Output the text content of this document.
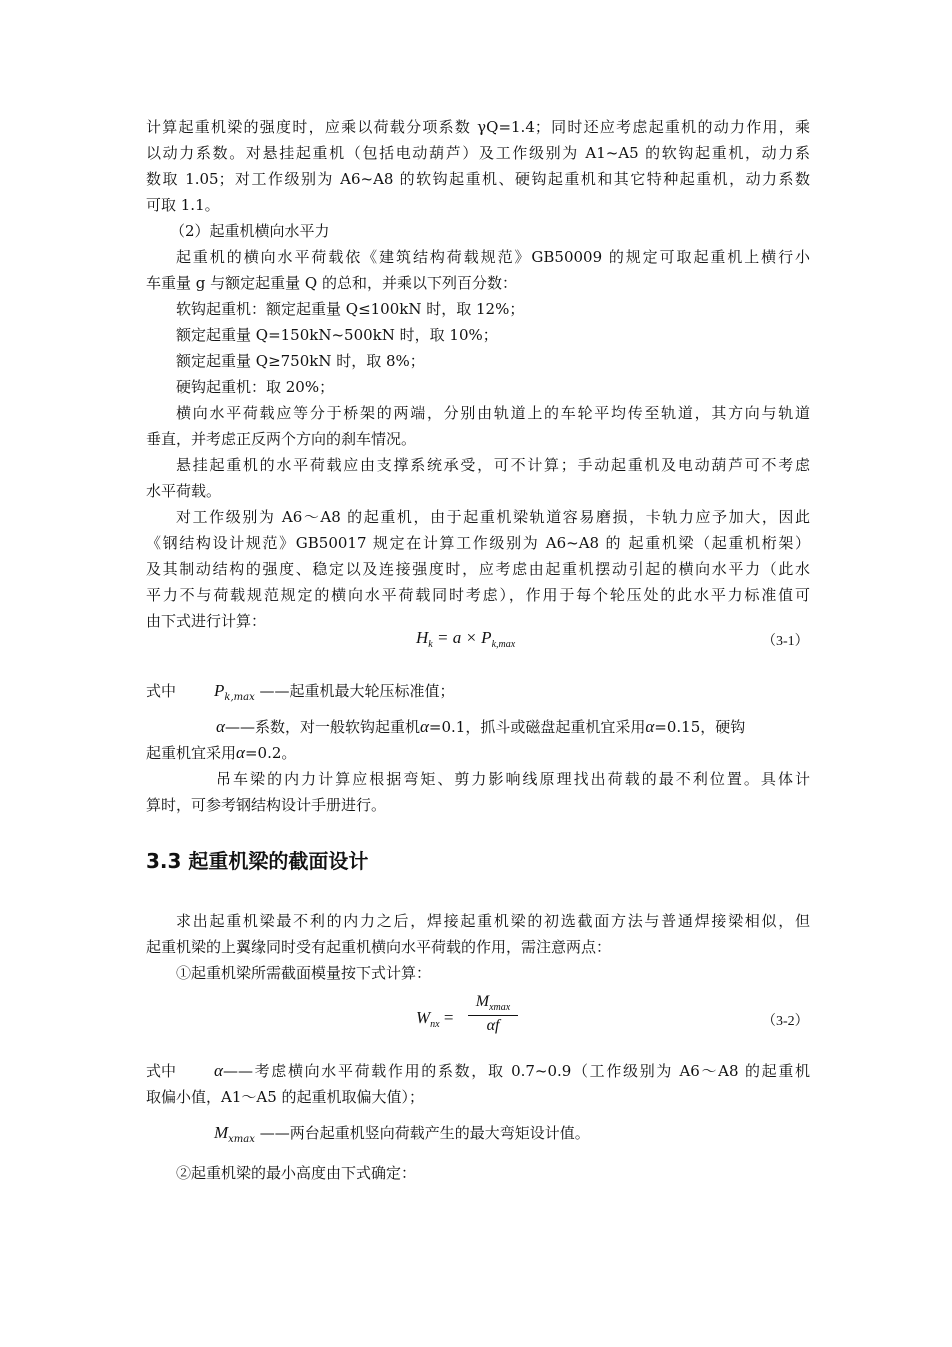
计算起重机梁的强度时，应乘以荷载分项系数 γQ=1.4；同时还应考虑起重机的动力作用，乘
以动力系数。对悬挂起重机（包括电动葫芦）及工作级别为 A1~A5 的软钩起重机，动力系
数取 1.05；对工作级别为 A6~A8 的软钩起重机、硬钩起重机和其它特种起重机，动力系数
可取 1.1。
（2）起重机横向水平力
起重机的横向水平荷载依《建筑结构荷载规范》GB50009 的规定可取起重机上横行小
车重量 g 与额定起重量 Q 的总和，并乘以下列百分数：
软钩起重机：额定起重量 Q≤100kN 时，取 12%；
额定起重量 Q=150kN~500kN 时，取 10%；
额定起重量 Q≥750kN 时，取 8%；
硬钩起重机：取 20%；
横向水平荷载应等分于桥架的两端，分别由轨道上的车轮平均传至轨道，其方向与轨道
垂直，并考虑正反两个方向的刹车情况。
悬挂起重机的水平荷载应由支撑系统承受，可不计算；手动起重机及电动葫芦可不考虑
水平荷载。
对工作级别为 A6～A8 的起重机，由于起重机梁轨道容易磨损，卡轨力应予加大，因此
《钢结构设计规范》GB50017 规定在计算工作级别为 A6~A8 的 起重机梁（起重机桁架）
及其制动结构的强度、稳定以及连接强度时，应考虑由起重机摆动引起的横向水平力（此水
平力不与荷载规范规定的横向水平荷载同时考虑），作用于每个轮压处的此水平力标准值可
由下式进行计算：
$H_k = a \times P_{k,max}$	（3-1）
式中	$P_{k,max}$ ——起重机最大轮压标准值；
α——系数，对一般软钩起重机α=0.1，抓斗或磁盘起重机宜采用α=0.15，硬钩
起重机宜采用α=0.2。
吊车梁的内力计算应根据弯矩、剪力影响线原理找出荷载的最不利位置。具体计
算时，可参考钢结构设计手册进行。
3.3 起重机梁的截面设计
求出起重机梁最不利的内力之后，焊接起重机梁的初选截面方法与普通焊接梁相似，但
起重机梁的上翼缘同时受有起重机横向水平荷载的作用，需注意两点：
①起重机梁所需截面模量按下式计算：
$W_{nx}$ =
$M_{xmax}$
αf	（3-2）
式中	α——考虑横向水平荷载作用的系数，取 0.7~0.9（工作级别为 A6～A8 的起重机
取偏小值，A1～A5 的起重机取偏大值）；
$M_{xmax}$ ——两台起重机竖向荷载产生的最大弯矩设计值。
②起重机梁的最小高度由下式确定：
